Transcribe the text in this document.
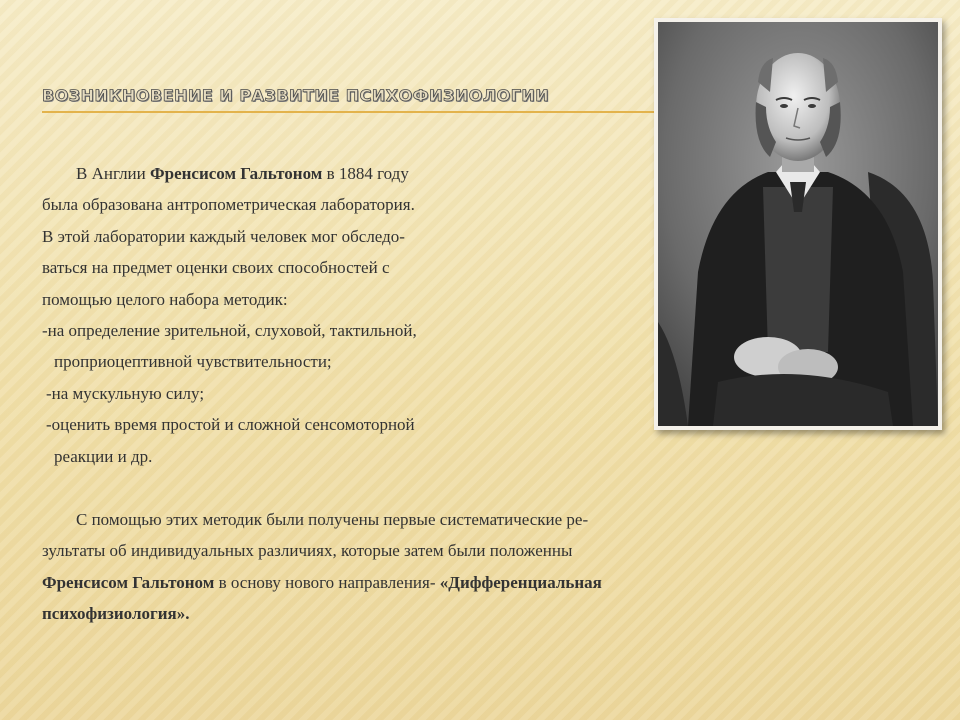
ВОЗНИКНОВЕНИЕ И РАЗВИТИЕ ПСИХОФИЗИОЛОГИИ
В Англии Френсисом Гальтоном в 1884 году
была образована антропометрическая лаборатория.
В этой лаборатории каждый человек мог обследо-
ваться на предмет оценки своих способностей с
помощью целого набора методик:
-на определение зрительной, слуховой, тактильной,
проприоцептивной чувствительности;
-на мускульную силу;
-оценить время простой и сложной сенсомоторной
реакции и др.
С помощью этих методик были получены первые систематические ре-
зультаты об индивидуальных различиях, которые затем были положенны
Френсисом Гальтоном в основу нового направления- «Дифференциальная
психофизиология».
